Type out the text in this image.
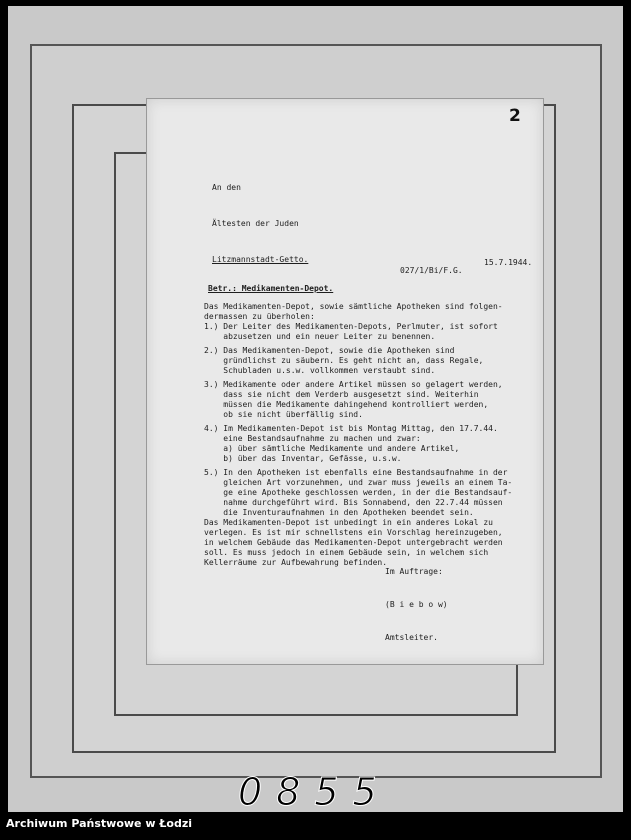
2

An den

Ältesten der Juden

Litzmannstadt-Getto.	15.7.1944.
027/1/Bi/F.G.
Betr.: Medikamenten-Depot.
Das Medikamenten-Depot, sowie sämtliche Apotheken sind folgen-
dermassen zu überholen:
1.) Der Leiter des Medikamenten-Depots, Perlmuter, ist sofort
abzusetzen und ein neuer Leiter zu benennen.

2.) Das Medikamenten-Depot, sowie die Apotheken sind
gründlichst zu säubern. Es geht nicht an, dass Regale,
Schubladen u.s.w. vollkommen verstaubt sind.

3.) Medikamente oder andere Artikel müssen so gelagert werden,
dass sie nicht dem Verderb ausgesetzt sind. Weiterhin
müssen die Medikamente dahingehend kontrolliert werden,
ob sie nicht überfällig sind.

4.) Im Medikamenten-Depot ist bis Montag Mittag, den 17.7.44.
eine Bestandsaufnahme zu machen und zwar:
a) über sämtliche Medikamente und andere Artikel,
b) über das Inventar, Gefässe, u.s.w.

5.) In den Apotheken ist ebenfalls eine Bestandsaufnahme in der
gleichen Art vorzunehmen, und zwar muss jeweils an einem Ta-
ge eine Apotheke geschlossen werden, in der die Bestandsauf-
nahme durchgeführt wird. Bis Sonnabend, den 22.7.44 müssen
die Inventuraufnahmen in den Apotheken beendet sein.
Das Medikamenten-Depot ist unbedingt in ein anderes Lokal zu
verlegen. Es ist mir schnellstens ein Vorschlag hereinzugeben,
in welchem Gebäude das Medikamenten-Depot untergebracht werden
soll. Es muss jedoch in einem Gebäude sein, in welchem sich
Kellerräume zur Aufbewahrung befinden.

Im Auftrage:

(B i e b o w)

Amtsleiter.

0855
Archiwum Państwowe w Łodzi
